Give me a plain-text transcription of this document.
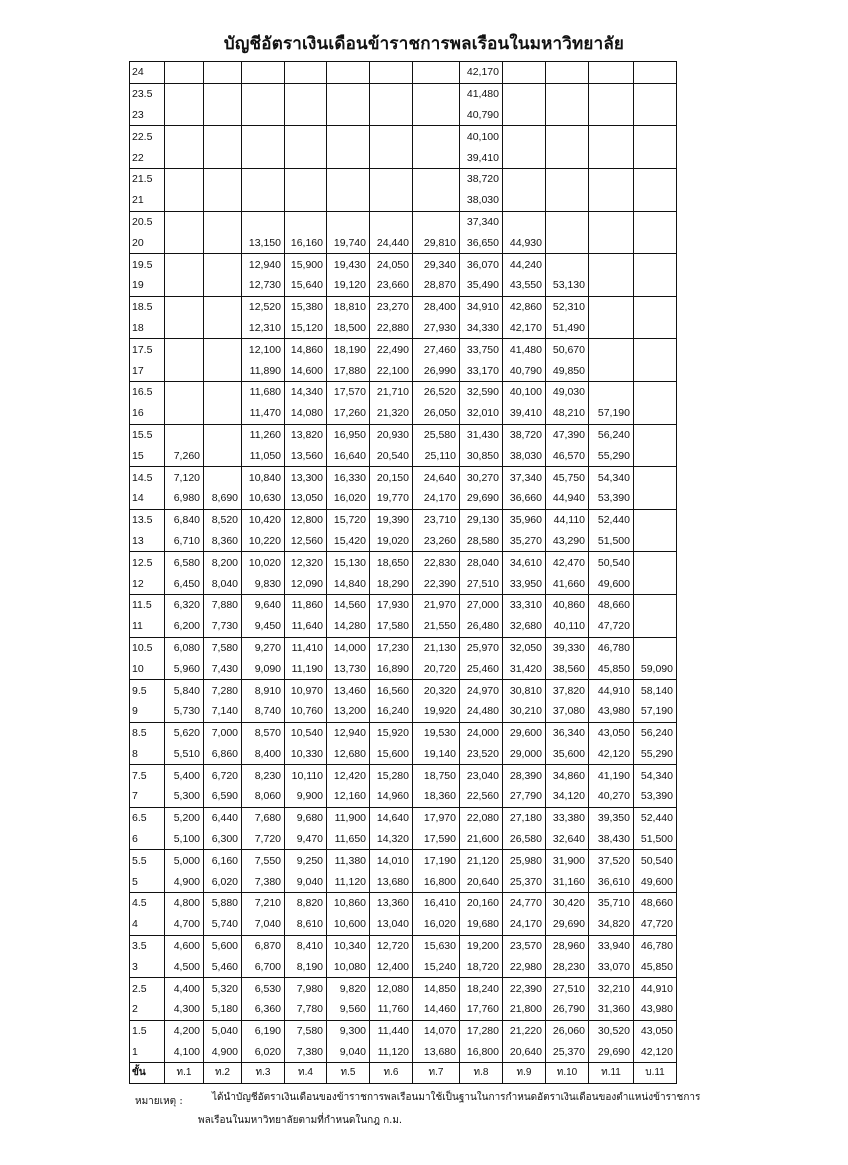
บัญชีอัตราเงินเดือนข้าราชการพลเรือนในมหาวิทยาลัย
24								42,170				
23.5								41,480				
23								40,790				
22.5								40,100				
22								39,410				
21.5								38,720				
21								38,030				
20.5								37,340				
20			13,150	16,160	19,740	24,440	29,810	36,650	44,930			
19.5			12,940	15,900	19,430	24,050	29,340	36,070	44,240			
19			12,730	15,640	19,120	23,660	28,870	35,490	43,550	53,130		
18.5			12,520	15,380	18,810	23,270	28,400	34,910	42,860	52,310		
18			12,310	15,120	18,500	22,880	27,930	34,330	42,170	51,490		
17.5			12,100	14,860	18,190	22,490	27,460	33,750	41,480	50,670		
17			11,890	14,600	17,880	22,100	26,990	33,170	40,790	49,850		
16.5			11,680	14,340	17,570	21,710	26,520	32,590	40,100	49,030		
16			11,470	14,080	17,260	21,320	26,050	32,010	39,410	48,210	57,190	
15.5			11,260	13,820	16,950	20,930	25,580	31,430	38,720	47,390	56,240	
15	7,260		11,050	13,560	16,640	20,540	25,110	30,850	38,030	46,570	55,290	
14.5	7,120		10,840	13,300	16,330	20,150	24,640	30,270	37,340	45,750	54,340	
14	6,980	8,690	10,630	13,050	16,020	19,770	24,170	29,690	36,660	44,940	53,390	
13.5	6,840	8,520	10,420	12,800	15,720	19,390	23,710	29,130	35,960	44,110	52,440	
13	6,710	8,360	10,220	12,560	15,420	19,020	23,260	28,580	35,270	43,290	51,500	
12.5	6,580	8,200	10,020	12,320	15,130	18,650	22,830	28,040	34,610	42,470	50,540	
12	6,450	8,040	9,830	12,090	14,840	18,290	22,390	27,510	33,950	41,660	49,600	
11.5	6,320	7,880	9,640	11,860	14,560	17,930	21,970	27,000	33,310	40,860	48,660	
11	6,200	7,730	9,450	11,640	14,280	17,580	21,550	26,480	32,680	40,110	47,720	
10.5	6,080	7,580	9,270	11,410	14,000	17,230	21,130	25,970	32,050	39,330	46,780	
10	5,960	7,430	9,090	11,190	13,730	16,890	20,720	25,460	31,420	38,560	45,850	59,090
9.5	5,840	7,280	8,910	10,970	13,460	16,560	20,320	24,970	30,810	37,820	44,910	58,140
9	5,730	7,140	8,740	10,760	13,200	16,240	19,920	24,480	30,210	37,080	43,980	57,190
8.5	5,620	7,000	8,570	10,540	12,940	15,920	19,530	24,000	29,600	36,340	43,050	56,240
8	5,510	6,860	8,400	10,330	12,680	15,600	19,140	23,520	29,000	35,600	42,120	55,290
7.5	5,400	6,720	8,230	10,110	12,420	15,280	18,750	23,040	28,390	34,860	41,190	54,340
7	5,300	6,590	8,060	9,900	12,160	14,960	18,360	22,560	27,790	34,120	40,270	53,390
6.5	5,200	6,440	7,680	9,680	11,900	14,640	17,970	22,080	27,180	33,380	39,350	52,440
6	5,100	6,300	7,720	9,470	11,650	14,320	17,590	21,600	26,580	32,640	38,430	51,500
5.5	5,000	6,160	7,550	9,250	11,380	14,010	17,190	21,120	25,980	31,900	37,520	50,540
5	4,900	6,020	7,380	9,040	11,120	13,680	16,800	20,640	25,370	31,160	36,610	49,600
4.5	4,800	5,880	7,210	8,820	10,860	13,360	16,410	20,160	24,770	30,420	35,710	48,660
4	4,700	5,740	7,040	8,610	10,600	13,040	16,020	19,680	24,170	29,690	34,820	47,720
3.5	4,600	5,600	6,870	8,410	10,340	12,720	15,630	19,200	23,570	28,960	33,940	46,780
3	4,500	5,460	6,700	8,190	10,080	12,400	15,240	18,720	22,980	28,230	33,070	45,850
2.5	4,400	5,320	6,530	7,980	9,820	12,080	14,850	18,240	22,390	27,510	32,210	44,910
2	4,300	5,180	6,360	7,780	9,560	11,760	14,460	17,760	21,800	26,790	31,360	43,980
1.5	4,200	5,040	6,190	7,580	9,300	11,440	14,070	17,280	21,220	26,060	30,520	43,050
1	4,100	4,900	6,020	7,380	9,040	11,120	13,680	16,800	20,640	25,370	29,690	42,120
ขั้น	ท.1	ท.2	ท.3	ท.4	ท.5	ท.6	ท.7	ท.8	ท.9	ท.10	ท.11	บ.11
หมายเหตุ :	ได้นำบัญชีอัตราเงินเดือนของข้าราชการพลเรือนมาใช้เป็นฐานในการกำหนดอัตราเงินเดือนของตำแหน่งข้าราชการ
พลเรือนในมหาวิทยาลัยตามที่กำหนดในกฎ ก.ม.
